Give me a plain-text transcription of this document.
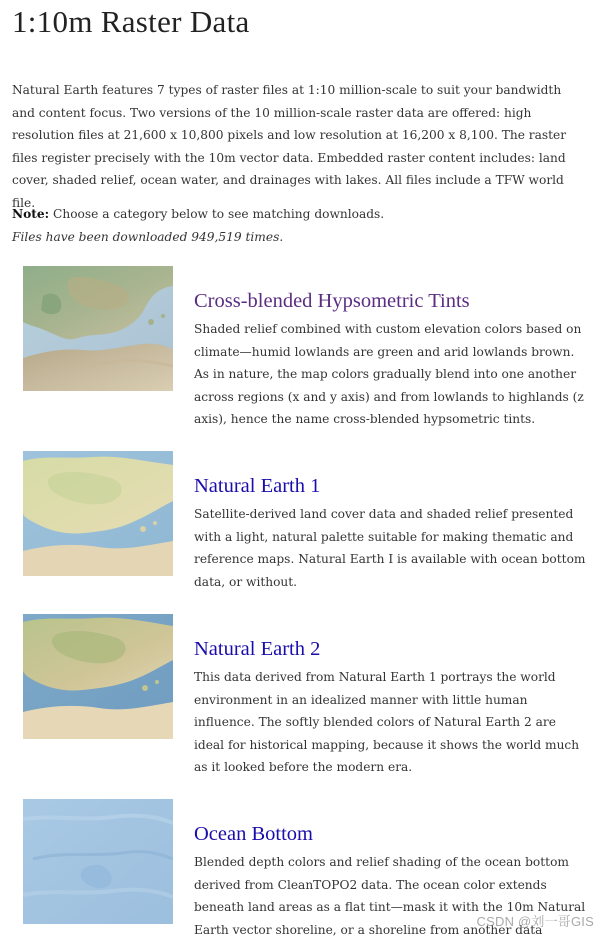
1:10m Raster Data

Natural Earth features 7 types of raster files at 1:10 million-scale to suit your bandwidth and content focus. Two versions of the 10 million-scale raster data are offered: high resolution files at 21,600 x 10,800 pixels and low resolution at 16,200 x 8,100. The raster files register precisely with the 10m vector data. Embedded raster content includes: land cover, shaded relief, ocean water, and drainages with lakes. All files include a TFW world file.

Note: Choose a category below to see matching downloads.
Files have been downloaded 949,519 times.
Cross-blended Hypsometric Tints

Shaded relief combined with custom elevation colors based on climate—humid lowlands are green and arid lowlands brown. As in nature, the map colors gradually blend into one another across regions (x and y axis) and from lowlands to highlands (z axis), hence the name cross-blended hypsometric tints.

Natural Earth 1

Satellite-derived land cover data and shaded relief presented with a light, natural palette suitable for making thematic and reference maps. Natural Earth I is available with ocean bottom data, or without.

Natural Earth 2

This data derived from Natural Earth 1 portrays the world environment in an idealized manner with little human influence. The softly blended colors of Natural Earth 2 are ideal for historical mapping, because it shows the world much as it looked before the modern era.

Ocean Bottom

Blended depth colors and relief shading of the ocean bottom derived from CleanTOPO2 data. The ocean color extends beneath land areas as a flat tint—mask it with the 10m Natural Earth vector shoreline, or a shoreline from another data

CSDN @刘一哥GIS
